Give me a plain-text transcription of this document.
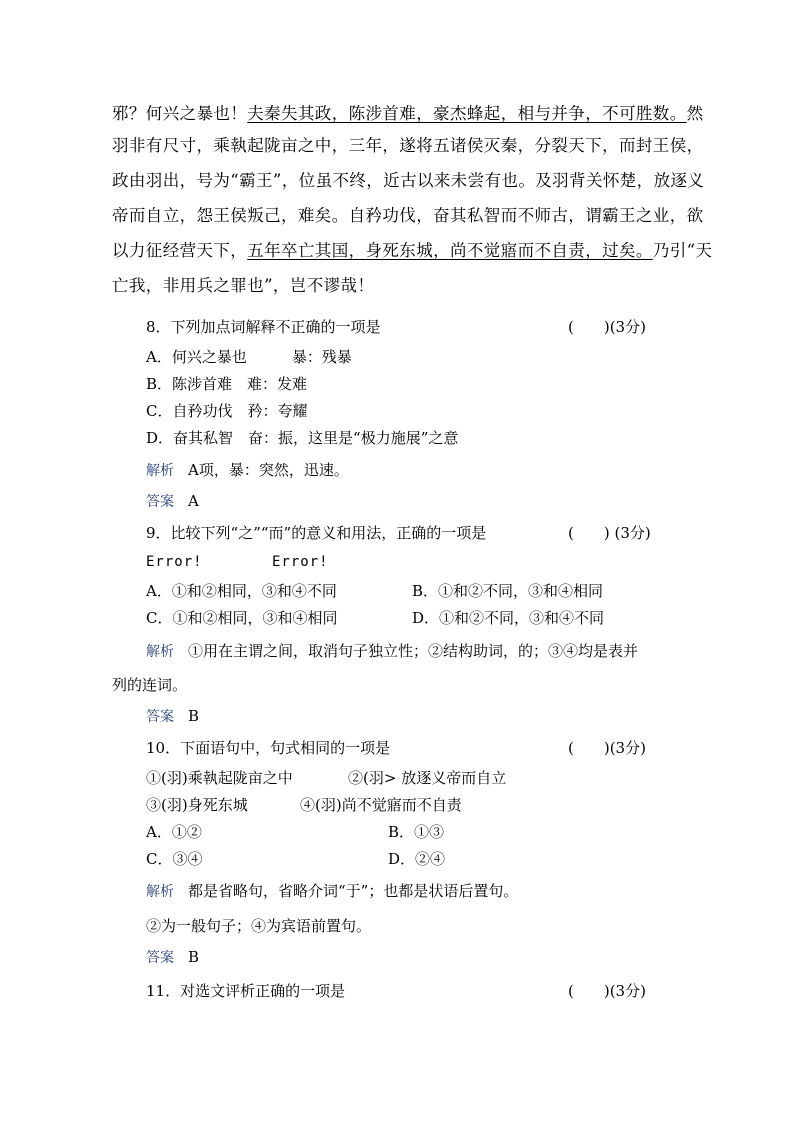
邪？何兴之暴也！夫秦失其政，陈涉首难，豪杰蜂起，相与并争，不可胜数。然
羽非有尺寸，乘執起陇亩之中，三年，遂将五诸侯灭秦，分裂天下，而封王侯，
政由羽出，号为“霸王”，位虽不终，近古以来未尝有也。及羽背关怀楚，放逐义
帝而自立，怨王侯叛己，难矣。自矜功伐，奋其私智而不师古，谓霸王之业，欲
以力征经营天下，五年卒亡其国，身死东城，尚不觉寤而不自责，过矣。乃引“天
亡我，非用兵之罪也”，岂不谬哉！
8．下列加点词解释不正确的一项是	(　　)(3分)
A．何兴之暴也　　　暴：残暴
B．陈涉首难　难：发难
C．自矜功伐　矜：夸耀
D．奋其私智　奋：振，这里是“极力施展”之意
解析 A项，暴：突然，迅速。
答案 A
9．比较下列“之”“而”的意义和用法，正确的一项是	(　　) (3分)
Error!	Error!
A．①和②相同，③和④不同	B．①和②不同，③和④相同
C．①和②相同，③和④相同	D．①和②不同，③和④不同
解析 ①用在主谓之间，取消句子独立性；②结构助词，的；③④均是表并
列的连词。
答案 B
10．下面语句中，句式相同的一项是	(　　)(3分)
①(羽)乘執起陇亩之中	②(羽> 放逐义帝而自立
③(羽)身死东城	④(羽)尚不觉寤而不自责
A．①②	B．①③
C．③④	D．②④
解析 都是省略句，省略介词“于”；也都是状语后置句。
②为一般句子；④为宾语前置句。
答案 B
11．对选文评析正确的一项是	(　　)(3分)
